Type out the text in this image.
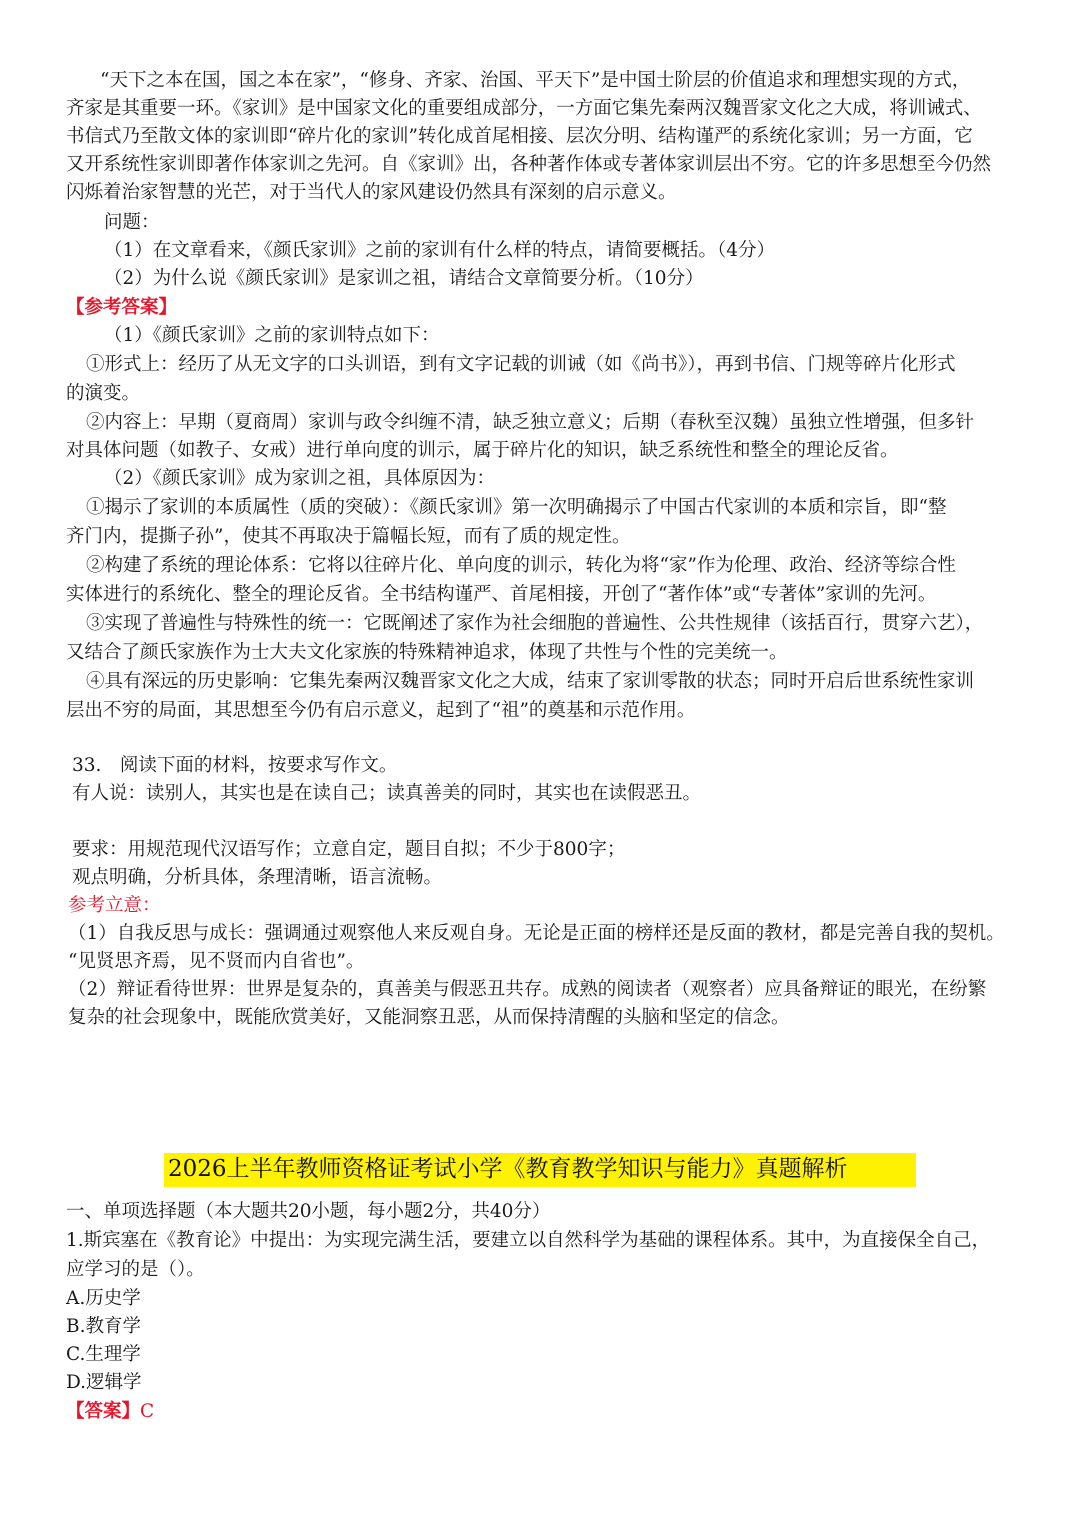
“天下之本在国，国之本在家”，“修身、齐家、治国、平天下”是中国士阶层的价值追求和理想实现的方式，
齐家是其重要一环。《家训》是中国家文化的重要组成部分，一方面它集先秦两汉魏晋家文化之大成，将训诫式、
书信式乃至散文体的家训即“碎片化的家训”转化成首尾相接、层次分明、结构谨严的系统化家训；另一方面，它
又开系统性家训即著作体家训之先河。自《家训》出，各种著作体或专著体家训层出不穷。它的许多思想至今仍然
闪烁着治家智慧的光芒，对于当代人的家风建设仍然具有深刻的启示意义。
问题：
（1）在文章看来，《颜氏家训》之前的家训有什么样的特点，请简要概括。（4分）
（2）为什么说《颜氏家训》是家训之祖，请结合文章简要分析。（10分）
【参考答案】
（1）《颜氏家训》之前的家训特点如下：
①形式上：经历了从无文字的口头训语，到有文字记载的训诫（如《尚书》），再到书信、门规等碎片化形式
的演变。
②内容上：早期（夏商周）家训与政令纠缠不清，缺乏独立意义；后期（春秋至汉魏）虽独立性增强，但多针
对具体问题（如教子、女戒）进行单向度的训示，属于碎片化的知识，缺乏系统性和整全的理论反省。
（2）《颜氏家训》成为家训之祖，具体原因为：
①揭示了家训的本质属性（质的突破）：《颜氏家训》第一次明确揭示了中国古代家训的本质和宗旨，即“整
齐门内，提撕子孙”，使其不再取决于篇幅长短，而有了质的规定性。
②构建了系统的理论体系：它将以往碎片化、单向度的训示，转化为将“家”作为伦理、政治、经济等综合性
实体进行的系统化、整全的理论反省。全书结构谨严、首尾相接，开创了“著作体”或“专著体”家训的先河。
③实现了普遍性与特殊性的统一：它既阐述了家作为社会细胞的普遍性、公共性规律（该括百行，贯穿六艺），
又结合了颜氏家族作为士大夫文化家族的特殊精神追求，体现了共性与个性的完美统一。
④具有深远的历史影响：它集先秦两汉魏晋家文化之大成，结束了家训零散的状态；同时开启后世系统性家训
层出不穷的局面，其思想至今仍有启示意义，起到了“祖”的奠基和示范作用。
33.　阅读下面的材料，按要求写作文。
有人说：读别人，其实也是在读自己；读真善美的同时，其实也在读假恶丑。
要求：用规范现代汉语写作；立意自定，题目自拟；不少于800字；
观点明确，分析具体，条理清晰，语言流畅。
参考立意：
（1）自我反思与成长：强调通过观察他人来反观自身。无论是正面的榜样还是反面的教材，都是完善自我的契机。
“见贤思齐焉，见不贤而内自省也”。
（2）辩证看待世界：世界是复杂的，真善美与假恶丑共存。成熟的阅读者（观察者）应具备辩证的眼光，在纷繁
复杂的社会现象中，既能欣赏美好，又能洞察丑恶，从而保持清醒的头脑和坚定的信念。
2026上半年教师资格证考试小学《教育教学知识与能力》真题解析
一、单项选择题（本大题共20小题，每小题2分，共40分）
1.斯宾塞在《教育论》中提出：为实现完满生活，要建立以自然科学为基础的课程体系。其中，为直接保全自己，
应学习的是（）。
A.历史学
B.教育学
C.生理学
D.逻辑学
【答案】C
